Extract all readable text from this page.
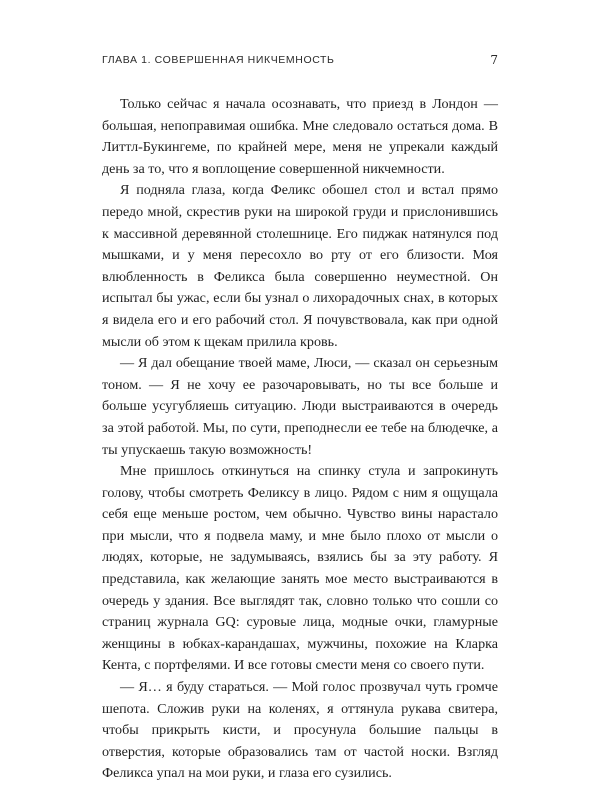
ГЛАВА 1. СОВЕРШЕННАЯ НИКЧЕМНОСТЬ	7

Только сейчас я начала осознавать, что приезд в Лондон — большая, непоправимая ошибка. Мне следовало остаться дома. В Литтл-Букингеме, по крайней мере, меня не упрекали каждый день за то, что я воплощение совершенной никчемности.

Я подняла глаза, когда Феликс обошел стол и встал прямо передо мной, скрестив руки на широкой груди и прислонившись к массивной деревянной столешнице. Его пиджак натянулся под мышками, и у меня пересохло во рту от его близости. Моя влюбленность в Феликса была совершенно неуместной. Он испытал бы ужас, если бы узнал о лихорадочных снах, в которых я видела его и его рабочий стол. Я почувствовала, как при одной мысли об этом к щекам прилила кровь.

— Я дал обещание твоей маме, Люси, — сказал он серьезным тоном. — Я не хочу ее разочаровывать, но ты все больше и больше усугубляешь ситуацию. Люди выстраиваются в очередь за этой работой. Мы, по сути, преподнесли ее тебе на блюдечке, а ты упускаешь такую возможность!

Мне пришлось откинуться на спинку стула и запрокинуть голову, чтобы смотреть Феликсу в лицо. Рядом с ним я ощущала себя еще меньше ростом, чем обычно. Чувство вины нарастало при мысли, что я подвела маму, и мне было плохо от мысли о людях, которые, не задумываясь, взялись бы за эту работу. Я представила, как желающие занять мое место выстраиваются в очередь у здания. Все выглядят так, словно только что сошли со страниц журнала GQ: суровые лица, модные очки, гламурные женщины в юбках-карандашах, мужчины, похожие на Кларка Кента, с портфелями. И все готовы смести меня со своего пути.

— Я… я буду стараться. — Мой голос прозвучал чуть громче шепота. Сложив руки на коленях, я оттянула рукава свитера, чтобы прикрыть кисти, и просунула большие пальцы в отверстия, которые образовались там от частой носки. Взгляд Феликса упал на мои руки, и глаза его сузились.
